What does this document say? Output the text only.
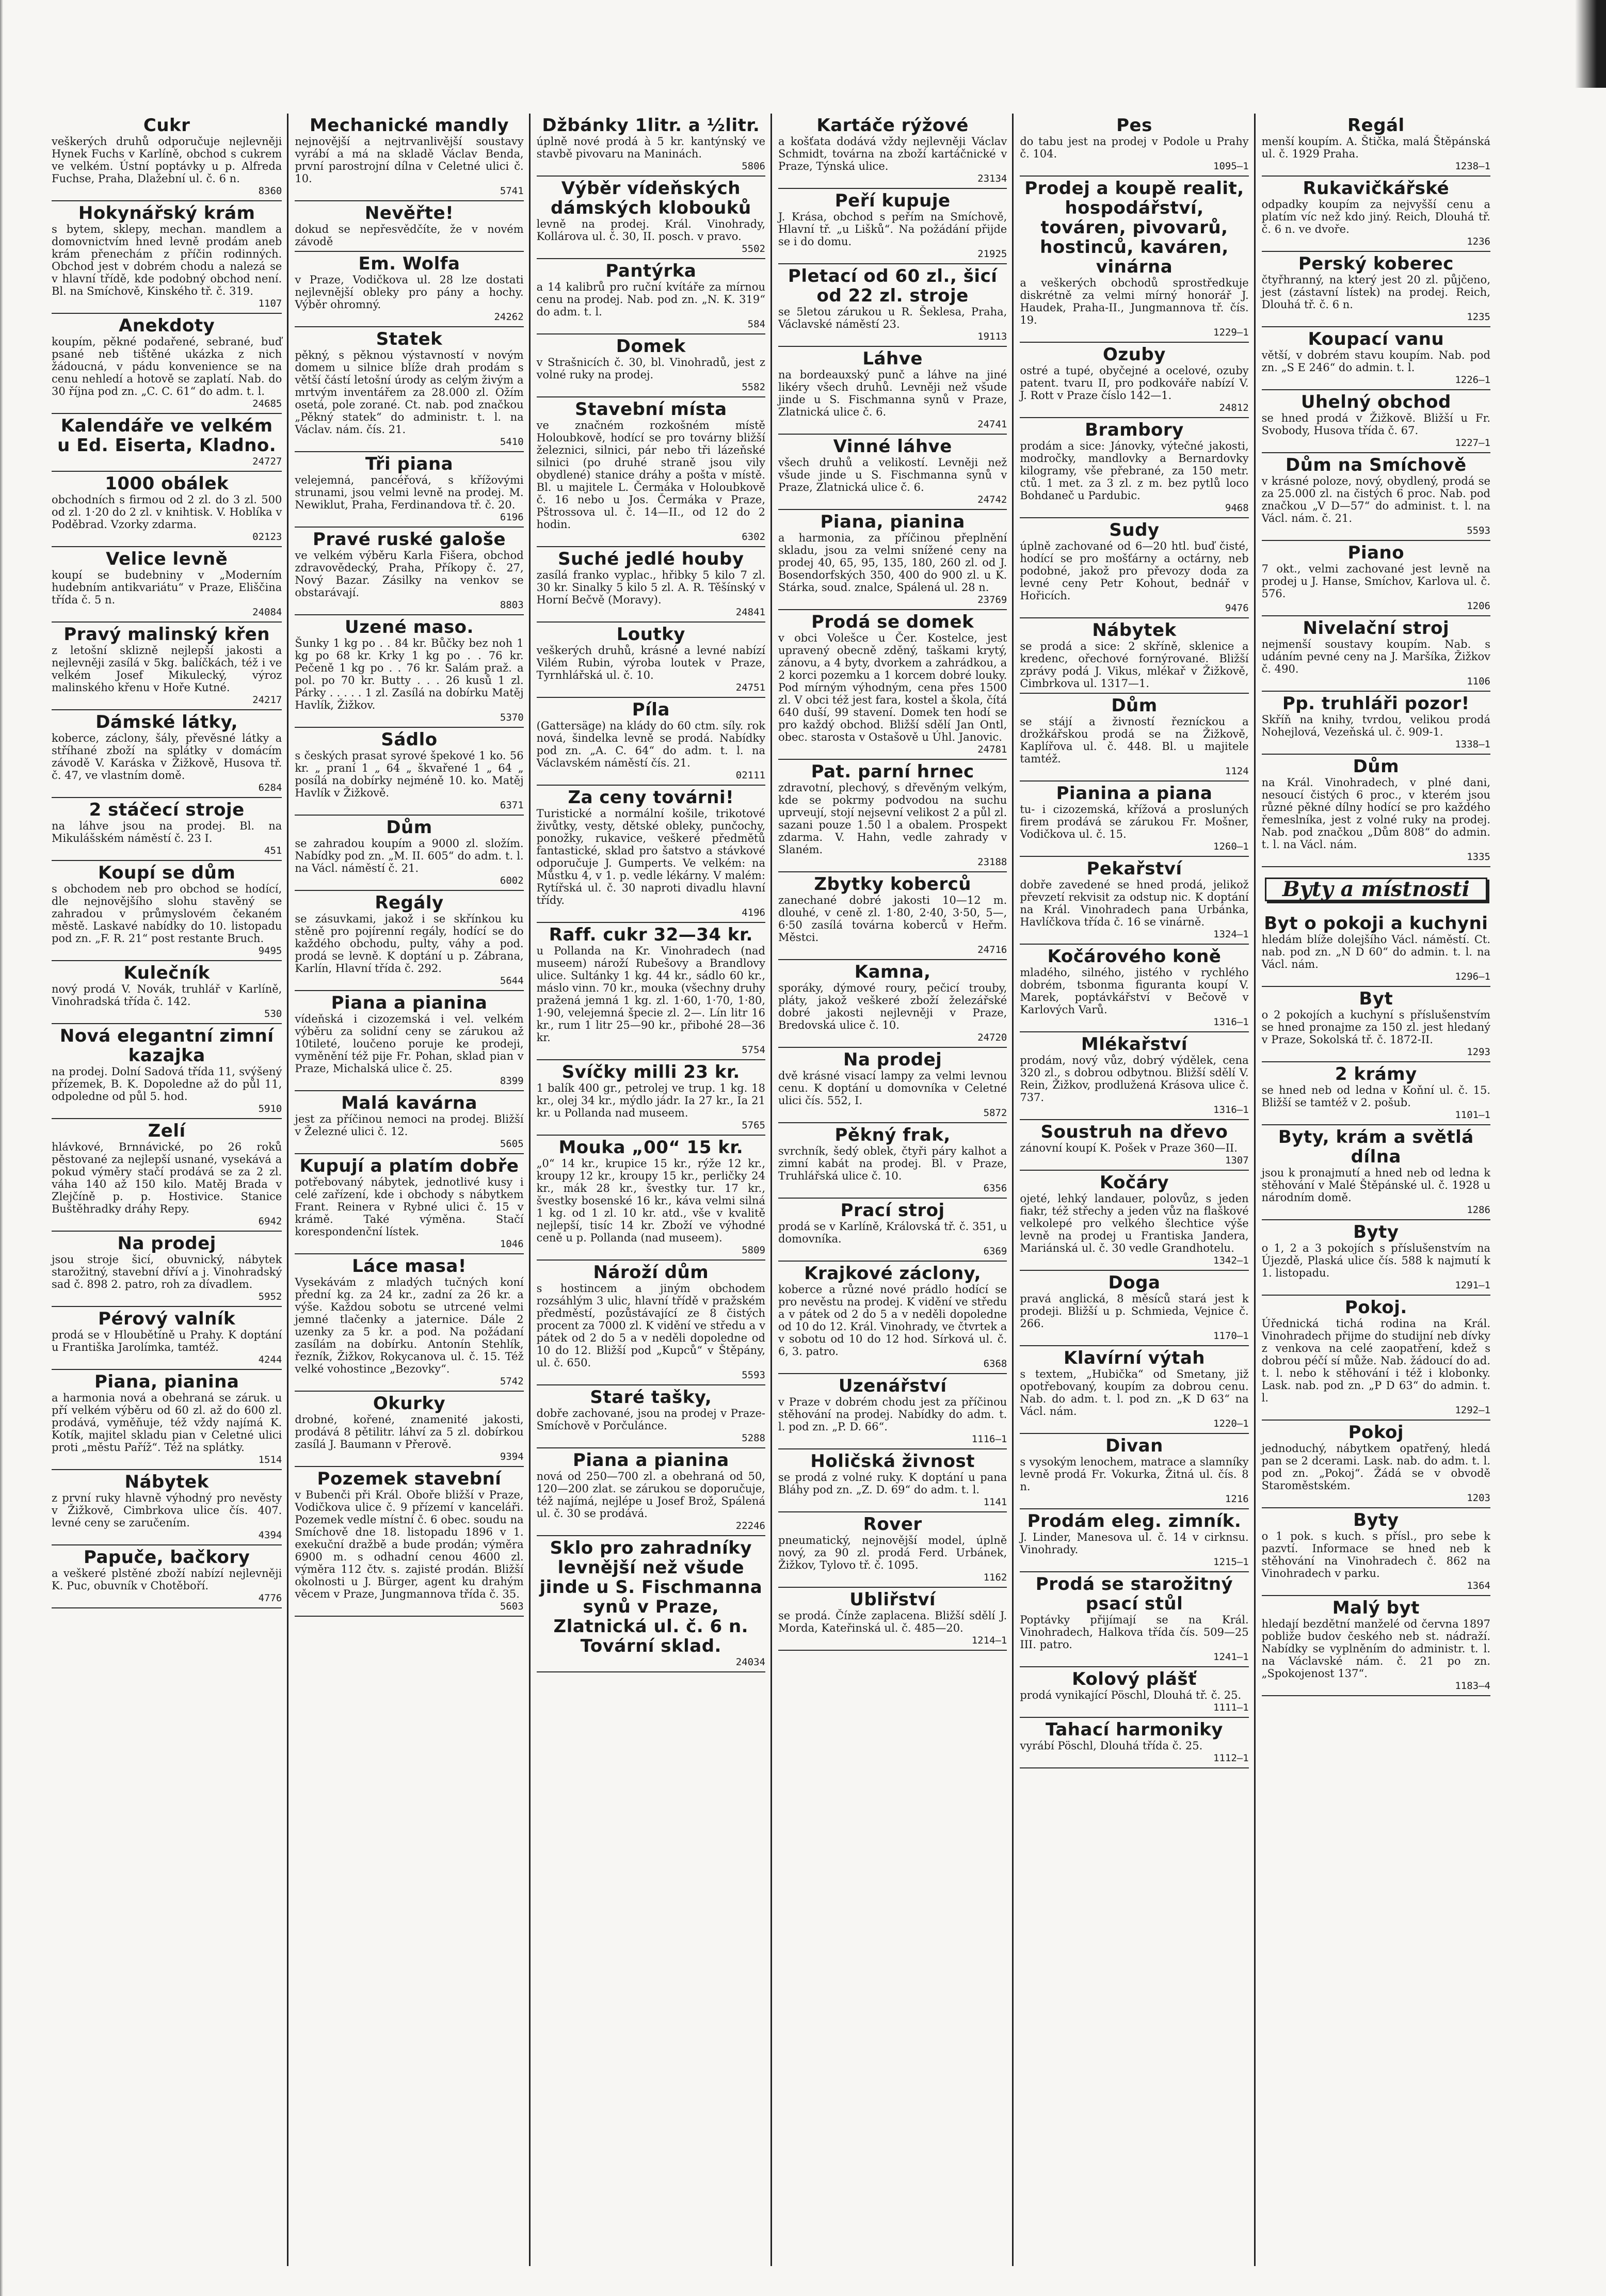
Cukr
veškerých druhů odporučuje nejlevněji Hynek Fuchs v Karlíně, obchod s cukrem ve velkém. Ústní poptávky u p. Alfreda Fuchse, Praha, Dlažební ul. č. 6 n.
8360
Hokynářský krám
s bytem, sklepy, mechan. mandlem a domovnictvím hned levně prodám aneb krám přenechám z příčin rodinných. Obchod jest v dobrém chodu a nalezá se v hlavní třídě, kde podobný obchod není. Bl. na Smíchově, Kinského tř. č. 319.
1107
Anekdoty
koupím, pěkné podařené, sebrané, buď psané neb tištěné ukázka z nich žádoucná, v pádu konvenience se na cenu nehledí a hotově se zaplatí. Nab. do 30 října pod zn. „C. C. 61“ do adm. t. l.
24685
Kalendáře ve velkém u Ed. Eiserta, Kladno.
24727
1000 obálek
obchodních s firmou od 2 zl. do 3 zl. 500 od zl. 1·20 do 2 zl. v knihtisk. V. Hoblíka v Poděbrad. Vzorky zdarma.
02123
Velice levně
koupí se budebniny v „Moderním hudebním antikvariátu“ v Praze, Eliščina třída č. 5 n.
24084
Pravý malinský křen
z letošní sklizně nejlepší jakosti a nejlevněji zasílá v 5kg. balíčkách, též i ve velkém Josef Mikulecký, výroz malinského křenu v Hoře Kutné.
24217
Dámské látky,
koberce, záclony, šály, převěsné látky a stříhané zboží na splátky v domácím závodě V. Karáska v Žižkově, Husova tř. č. 47, ve vlastním domě.
6284
2 stáčecí stroje
na láhve jsou na prodej. Bl. na Mikulášském náměstí č. 23 I.
451
Koupí se dům
s obchodem neb pro obchod se hodící, dle nejnovějšího slohu stavěný se zahradou v průmyslovém čekaném městě. Laskavé nabídky do 10. listopadu pod zn. „F. R. 21“ post restante Bruch.
9495
Kulečník
nový prodá V. Novák, truhlář v Karlíně, Vinohradská třída č. 142.
530
Nová elegantní zimní kazajka
na prodej. Dolní Sadová třída 11, svýšený přízemek, B. K. Dopoledne až do půl 11, odpoledne od půl 5. hod.
5910
Zelí
hlávkové, Brnnávické, po 26 roků pěstované za nejlepší usnané, vysekává a pokud výměry stačí prodává se za 2 zl. váha 140 až 150 kilo. Matěj Brada v Zlejčíně p. p. Hostivice. Stanice Buštěhradky dráhy Repy.
6942
Na prodej
jsou stroje šicí, obuvnický, nábytek starožitný, stavební dříví a j. Vinohradský sad č. 898 2. patro, roh za dívadlem.
5952
Pérový valník
prodá se v Hloubětíně u Prahy. K doptání u Františka Jarolímka, tamtéž.
4244
Piana, pianina
a harmonia nová a obehraná se záruk. u pří velkém výběru od 60 zl. až do 600 zl. prodává, vyměňuje, též vždy najímá K. Kotík, majitel skladu pian v Celetné ulici proti „městu Paříž“. Též na splátky.
1514
Nábytek
z první ruky hlavně výhodný pro nevěsty v Žižkově, Cimbrkova ulice čís. 407. levné ceny se zaručením.
4394
Papuče, bačkory
a veškeré plstěné zboží nabízí nejlevněji K. Puc, obuvník v Chotěboří.
4776
Mechanické mandly
nejnovější a nejtrvanlivější soustavy vyrábí a má na skladě Václav Benda, první parostrojní dílna v Celetné ulici č. 10.
5741
Nevěřte!
dokud se nepřesvědčíte, že v novém závodě
Em. Wolfa
v Praze, Vodičkova ul. 28 lze dostati nejlevnější obleky pro pány a hochy. Výběr ohromný.
24262
Statek
pěkný, s pěknou výstavností v novým domem u silnice blíže drah prodám s větší částí letošní úrody as celým živým a mrtvým inventářem za 28.000 zl. Ožím osetá, pole zorané. Ct. nab. pod značkou „Pěkný statek“ do administr. t. l. na Václav. nám. čís. 21.
5410
Tři piana
velejemná, pancéřová, s křížovými strunami, jsou velmi levně na prodej. M. Newiklut, Praha, Ferdinandova tř. č. 20.
6196
Pravé ruské galoše
ve velkém výběru Karla Fišera, obchod zdravovědecký, Praha, Příkopy č. 27, Nový Bazar. Zásilky na venkov se obstarávají.
8803
Uzené maso.
Šunky 1 kg po . . 84 kr. Bůčky bez noh 1 kg po 68 kr. Krky 1 kg po . . 76 kr. Pečeně 1 kg po . . 76 kr. Salám praž. a pol. po 70 kr. Butty . . . 26 kusů 1 zl. Párky . . . . . 1 zl. Zasílá na dobírku Matěj Havlík, Žižkov.
5370
Sádlo
s českých prasat syrové špekové 1 ko. 56 kr. „ praní 1 „ 64 „ škvařené 1 „ 64 „ posílá na dobírky nejméně 10. ko. Matěj Havlík v Žižkově.
6371
Dům
se zahradou koupím a 9000 zl. složím. Nabídky pod zn. „M. II. 605“ do adm. t. l. na Václ. náměstí č. 21.
6002
Regály
se zásuvkami, jakož i se skřínkou ku stěně pro pojírenní regály, hodící se do každého obchodu, pulty, váhy a pod. prodá se levně. K doptání u p. Zábrana, Karlín, Hlavní třída č. 292.
5644
Piana a pianina
vídeňská i cizozemská i vel. velkém výběru za solidní ceny se zárukou až 10tileté, loučeno poruje ke prodeji, vyměnění též pije Fr. Pohan, sklad pian v Praze, Michalská ulice č. 25.
8399
Malá kavárna
jest za příčinou nemoci na prodej. Bližší v Železné ulici č. 12.
5605
Kupují a platím dobře
potřebovaný nábytek, jednotlivé kusy i celé zařízení, kde i obchody s nábytkem Frant. Reinera v Rybné ulici č. 15 v krámě. Také výměna. Stačí korespondenční lístek.
1046
Láce masa!
Vysekávám z mladých tučných koní přední kg. za 24 kr., zadní za 26 kr. a výše. Každou sobotu se utrcené velmi jemné tlačenky a jaternice. Dále 2 uzenky za 5 kr. a pod. Na požádaní zasílám na dobírku. Antonín Stehlík, řezník, Žižkov, Rokycanova ul. č. 15. Též velké vohostince „Bezovky“.
5742
Okurky
drobné, kořené, znamenité jakosti, prodává 8 pětilitr. láhví za 5 zl. dobírkou zasílá J. Baumann v Přerově.
9394
Pozemek stavební
v Bubenči při Král. Oboře bližší v Praze, Vodičkova ulice č. 9 přízemí v kanceláři. Pozemek vedle místní č. 6 obec. soudu na Smíchově dne 18. listopadu 1896 v 1. exekuční dražbě a bude prodán; výměra 6900 m. s odhadní cenou 4600 zl. výměra 112 čtv. s. zajisté prodán. Bližší okolnosti u J. Bürger, agent ku drahým věcem v Praze, Jungmannova třída č. 35.
5603
Džbánky 1litr. a ½litr.
úplně nové prodá à 5 kr. kantýnský ve stavbě pivovaru na Maninách.
5806
Výběr vídeňských dámských klobouků
levně na prodej. Král. Vinohrady, Kollárova ul. č. 30, II. posch. v pravo.
5502
Pantýrka
a 14 kalibrů pro ruční kvítáře za mírnou cenu na prodej. Nab. pod zn. „N. K. 319“ do adm. t. l.
584
Domek
v Strašnicích č. 30, bl. Vinohradů, jest z volné ruky na prodej.
5582
Stavební místa
ve značném rozkošném místě Holoubkově, hodící se pro továrny bližší železnici, silnici, pár nebo tři lázeňské silnici (po druhé straně jsou vily obydlené) stanice dráhy a pošta v místě. Bl. u majitele L. Čermáka v Holoubkově č. 16 nebo u Jos. Čermáka v Praze, Pštrossova ul. č. 14—II., od 12 do 2 hodin.
6302
Suché jedlé houby
zasílá franko vyplac., hřibky 5 kilo 7 zl. 30 kr. Sinalky 5 kilo 5 zl. A. R. Těšínský v Horní Bečvě (Moravy).
24841
Loutky
veškerých druhů, krásné a levné nabízí Vilém Rubin, výroba loutek v Praze, Tyrnhlářská ul. č. 10.
24751
Píla
(Gattersäge) na klády do 60 ctm. síly. rok nová, šindelka levně se prodá. Nabídky pod zn. „A. C. 64“ do adm. t. l. na Václavském náměstí čís. 21.
02111
Za ceny továrni!
Turistické a normální košile, trikotové živůtky, vesty, dětské obleky, punčochy, ponožky, rukavice, veškeré předmětů fantastické, sklad pro šatstvo a stávkové odporučuje J. Gumperts. Ve velkém: na Můstku 4, v 1. p. vedle lékárny. V malém: Rytířská ul. č. 30 naproti divadlu hlavní třídy.
4196
Raff. cukr 32—34 kr.
u Pollanda na Kr. Vinohradech (nad museem) nároží Rubešovy a Brandlovy ulice. Sultánky 1 kg. 44 kr., sádlo 60 kr., máslo vinn. 70 kr., mouka (všechny druhy pražená jemná 1 kg. zl. 1·60, 1·70, 1·80, 1·90, velejemná špecie zl. 2—. Lín litr 16 kr., rum 1 litr 25—90 kr., přibohé 28—36 kr.
5754
Svíčky milli 23 kr.
1 balík 400 gr., petrolej ve trup. 1 kg. 18 kr., olej 34 kr., mýdlo jádr. Ia 27 kr., Ia 21 kr. u Pollanda nad museem.
5765
Mouka „00“ 15 kr.
„0“ 14 kr., krupice 15 kr., rýže 12 kr., kroupy 12 kr., kroupy 15 kr., perličky 24 kr., mák 28 kr., švestky tur. 17 kr., švestky bosenské 16 kr., káva velmi silná 1 kg. od 1 zl. 10 kr. atd., vše v kvalitě nejlepší, tisíc 14 kr. Zboží ve výhodné ceně u p. Pollanda (nad museem).
5809
Nároží dům
s hostincem a jiným obchodem rozsáhlým 3 ulic, hlavní třídě v pražském předměstí, pozůstávající ze 8 čistých procent za 7000 zl. K vidění ve středu a v pátek od 2 do 5 a v neděli dopoledne od 10 do 12. Bližší pod „Kupců“ v Štěpány, ul. č. 650.
5593
Staré tašky,
dobře zachované, jsou na prodej v Praze-Smíchově v Porčulánce.
5288
Piana a pianina
nová od 250—700 zl. a obehraná od 50, 120—200 zlat. se zárukou se doporučuje, též najímá, nejlépe u Josef Brož, Spálená ul. č. 30 se prodává.
22246
Sklo pro zahradníky levnější než všude jinde u S. Fischmanna synů v Praze, Zlatnická ul. č. 6 n. Tovární sklad.
24034
Kartáče rýžové
a košťata dodává vždy nejlevněji Václav Schmidt, továrna na zboží kartáčnické v Praze, Týnská ulice.
23134
Peří kupuje
J. Krása, obchod s peřím na Smíchově, Hlavní tř. „u Lišků“. Na požádání přijde se i do domu.
21925
Pletací od 60 zl., šicí od 22 zl. stroje
se 5letou zárukou u R. Šeklesa, Praha, Václavské náměstí 23.
19113
Láhve
na bordeauxský punč a láhve na jiné likéry všech druhů. Levněji než všude jinde u S. Fischmanna synů v Praze, Zlatnická ulice č. 6.
24741
Vinné láhve
všech druhů a velikostí. Levněji než všude jinde u S. Fischmanna synů v Praze, Zlatnická ulice č. 6.
24742
Piana, pianina
a harmonia, za příčinou přeplnění skladu, jsou za velmi snížené ceny na prodej 40, 65, 95, 135, 180, 260 zl. od J. Bosendorfských 350, 400 do 900 zl. u K. Stárka, soud. znalce, Spálená ul. 28 n.
23769
Prodá se domek
v obci Volešce u Čer. Kostelce, jest upravený obecně zděný, taškami krytý, zánovu, a 4 byty, dvorkem a zahrádkou, a 2 korci pozemku a 1 korcem dobré louky. Pod mírným výhodným, cena přes 1500 zl. V obci též jest fara, kostel a škola, čítá 640 duší, 99 stavení. Domek ten hodí se pro každý obchod. Bližší sdělí Jan Ontl, obec. starosta v Ostašově u Úhl. Janovic.
24781
Pat. parní hrnec
zdravotní, plechový, s dřevěným velkým, kde se pokrmy podvodou na suchu uprveují, stojí nejsevní velikost 2 a půl zl. sazani pouze 1.50 l a obalem. Prospekt zdarma. V. Hahn, vedle zahrady v Slaném.
23188
Zbytky koberců
zanechané dobré jakosti 10—12 m. dlouhé, v ceně zl. 1·80, 2·40, 3·50, 5—, 6·50 zasílá továrna koberců v Heřm. Městci.
24716
Kamna,
sporáky, dýmové roury, pečicí trouby, pláty, jakož veškeré zboží železářské dobré jakosti nejlevněji v Praze, Bredovská ulice č. 10.
24720
Na prodej
dvě krásné visací lampy za velmi levnou cenu. K doptání u domovníka v Celetné ulici čís. 552, I.
5872
Pěkný frak,
svrchník, šedý oblek, čtyři páry kalhot a zimní kabát na prodej. Bl. v Praze, Truhlářská ulice č. 10.
6356
Prací stroj
prodá se v Karlíně, Královská tř. č. 351, u domovníka.
6369
Krajkové záclony,
koberce a různé nové prádlo hodící se pro nevěstu na prodej. K vidění ve středu a v pátek od 2 do 5 a v neděli dopoledne od 10 do 12. Král. Vinohrady, ve čtvrtek a v sobotu od 10 do 12 hod. Sírková ul. č. 6, 3. patro.
6368
Uzenářství
v Praze v dobrém chodu jest za příčinou stěhování na prodej. Nabídky do adm. t. l. pod zn. „P. D. 66“.
1116—1
Holičská živnost
se prodá z volné ruky. K doptání u pana Bláhy pod zn. „Z. D. 69“ do adm. t. l.
1141
Rover
pneumatický, nejnovější model, úplně nový, za 90 zl. prodá Ferd. Urbánek, Žižkov, Tylovo tř. č. 1095.
1162
Ubliřství
se prodá. Čínže zaplacena. Bližší sdělí J. Morda, Kateřinská ul. č. 485—20.
1214—1
Pes
do tabu jest na prodej v Podole u Prahy č. 104.
1095—1
Prodej a koupě realit, hospodářství, továren, pivovarů, hostinců, kaváren, vinárna
a veškerých obchodů sprostředkuje diskrétně za velmi mírný honorář J. Haudek, Praha-II., Jungmannova tř. čís. 19.
1229—1
Ozuby
ostré a tupé, obyčejné a ocelové, ozuby patent. tvaru II, pro podkováře nabízí V. J. Rott v Praze číslo 142—1.
24812
Brambory
prodám a sice: Jánovky, výtečné jakosti, modročky, mandlovky a Bernardovky kilogramy, vše přebrané, za 150 metr. ctů. 1 met. za 3 zl. z m. bez pytlů loco Bohdaneč u Pardubic.
9468
Sudy
úplně zachované od 6—20 htl. buď čisté, hodící se pro mošťárny a octárny, neb podobné, jakož pro převozy doda za levné ceny Petr Kohout, bednář v Hořicích.
9476
Nábytek
se prodá a sice: 2 skříně, sklenice a kredenc, ořechové fornýrované. Bližší zprávy podá J. Vikus, mlékař v Žižkově, Cimbrkova ul. 1317—1.
Dům
se stájí a živností řezníckou a drožkářskou prodá se na Žižkově, Kaplířova ul. č. 448. Bl. u majitele tamtéž.
1124
Pianina a piana
tu- i cizozemská, křížová a prosluných firem prodává se zárukou Fr. Mošner, Vodičkova ul. č. 15.
1260—1
Pekařství
dobře zavedené se hned prodá, jelikož převzetí rekvisit za odstup nic. K doptání na Král. Vinohradech pana Urbánka, Havlíčkova třída č. 16 se vinárně.
1324—1
Kočárového koně
mladého, silného, jistého v rychlého dobrém, tsbonma figuranta koupí V. Marek, poptávkářství v Bečově v Karlových Varů.
1316—1
Mlékařství
prodám, nový vůz, dobrý výdělek, cena 320 zl., s dobrou odbytnou. Bližší sdělí V. Rein, Žižkov, prodlužená Krásova ulice č. 737.
1316—1
Soustruh na dřevo
zánovní koupí K. Pošek v Praze 360—II.
1307
Kočáry
ojeté, lehký landauer, polovůz, s jeden fiakr, též střechy a jeden vůz na flaškové velkolepé pro velkého šlechtice výše levně na prodej u Frantiska Jandera, Mariánská ul. č. 30 vedle Grandhotelu.
1342—1
Doga
pravá anglická, 8 měsíců stará jest k prodeji. Bližší u p. Schmieda, Vejnice č. 266.
1170—1
Klavírní výtah
s textem, „Hubička“ od Smetany, již opotřebovaný, koupím za dobrou cenu. Nab. do adm. t. l. pod zn. „K D 63“ na Václ. nám.
1220—1
Divan
s vysokým lenochem, matrace a slamníky levně prodá Fr. Vokurka, Žitná ul. čís. 8 n.
1216
Prodám eleg. zimník.
J. Linder, Manesova ul. č. 14 v cirknsu. Vinohrady.
1215—1
Prodá se starožitný psací stůl
Poptávky přijímají se na Král. Vinohradech, Halkova třída čís. 509—25 III. patro.
1241—1
Kolový plášť
prodá vynikající Pöschl, Dlouhá tř. č. 25.
1111—1
Tahací harmoniky
vyrábí Pöschl, Dlouhá třída č. 25.
1112—1
Regál
menší koupím. A. Štička, malá Štěpánská ul. č. 1929 Praha.
1238—1
Rukavičkářské
odpadky koupím za nejvyšší cenu a platím víc než kdo jiný. Reich, Dlouhá tř. č. 6 n. ve dvoře.
1236
Perský koberec
čtyřhranný, na který jest 20 zl. půjčeno, jest (zástavní lístek) na prodej. Reich, Dlouhá tř. č. 6 n.
1235
Koupací vanu
větší, v dobrém stavu koupím. Nab. pod zn. „S E 246“ do admin. t. l.
1226—1
Uhelný obchod
se hned prodá v Žižkově. Bližší u Fr. Svobody, Husova třída č. 67.
1227—1
Dům na Smíchově
v krásné poloze, nový, obydlený, prodá se za 25.000 zl. na čistých 6 proc. Nab. pod značkou „V D—57“ do administ. t. l. na Václ. nám. č. 21.
5593
Piano
7 okt., velmi zachované jest levně na prodej u J. Hanse, Smíchov, Karlova ul. č. 576.
1206
Nivelační stroj
nejmenší soustavy koupím. Nab. s udáním pevné ceny na J. Maršíka, Žižkov č. 490.
1106
Pp. truhláři pozor!
Skříň na knihy, tvrdou, velikou prodá Nohejlová, Vezeňská ul. č. 909-1.
1338—1
Dům
na Král. Vinohradech, v plné dani, nesoucí čistých 6 proc., v kterém jsou různé pěkné dílny hodící se pro každého řemeslníka, jest z volné ruky na prodej. Nab. pod značkou „Dům 808“ do admin. t. l. na Václ. nám.
1335
Byty a místnosti
Byt o pokoji a kuchyni
hledám blíže dolejšího Václ. náměstí. Ct. nab. pod zn. „N D 60“ do admin. t. l. na Václ. nám.
1296—1
Byt
o 2 pokojích a kuchyní s příslušenstvím se hned pronajme za 150 zl. jest hledaný v Praze, Sokolská tř. č. 1872-II.
1293
2 krámy
se hned neb od ledna v Koňní ul. č. 15. Bližší se tamtéž v 2. pošub.
1101—1
Byty, krám a světlá dílna
jsou k pronajmutí a hned neb od ledna k stěhování v Malé Štěpánské ul. č. 1928 u národním domě.
1286
Byty
o 1, 2 a 3 pokojích s příslušenstvím na Újezdě, Plaská ulice čís. 588 k najmutí k 1. listopadu.
1291—1
Pokoj.
Úřednická tichá rodina na Král. Vinohradech přijme do studijní neb dívky z venkova na celé zaopatření, kdež s dobrou péčí sí může. Nab. žádoucí do ad. t. l. nebo k stěhování i též i klobonky. Lask. nab. pod zn. „P D 63“ do admin. t. l.
1292—1
Pokoj
jednoduchý, nábytkem opatřený, hledá pan se 2 dcerami. Lask. nab. do adm. t. l. pod zn. „Pokoj“. Žádá se v obvodě Staroměstském.
1203
Byty
o 1 pok. s kuch. s přísl., pro sebe k pazvtí. Informace se hned neb k stěhování na Vinohradech č. 862 na Vinohradech v parku.
1364
Malý byt
hledají bezdětní manželé od června 1897 pobliže budov českého neb st. nádraží. Nabídky se vyplněním do administr. t. l. na Václavské nám. č. 21 po zn. „Spokojenost 137“.
1183—4
